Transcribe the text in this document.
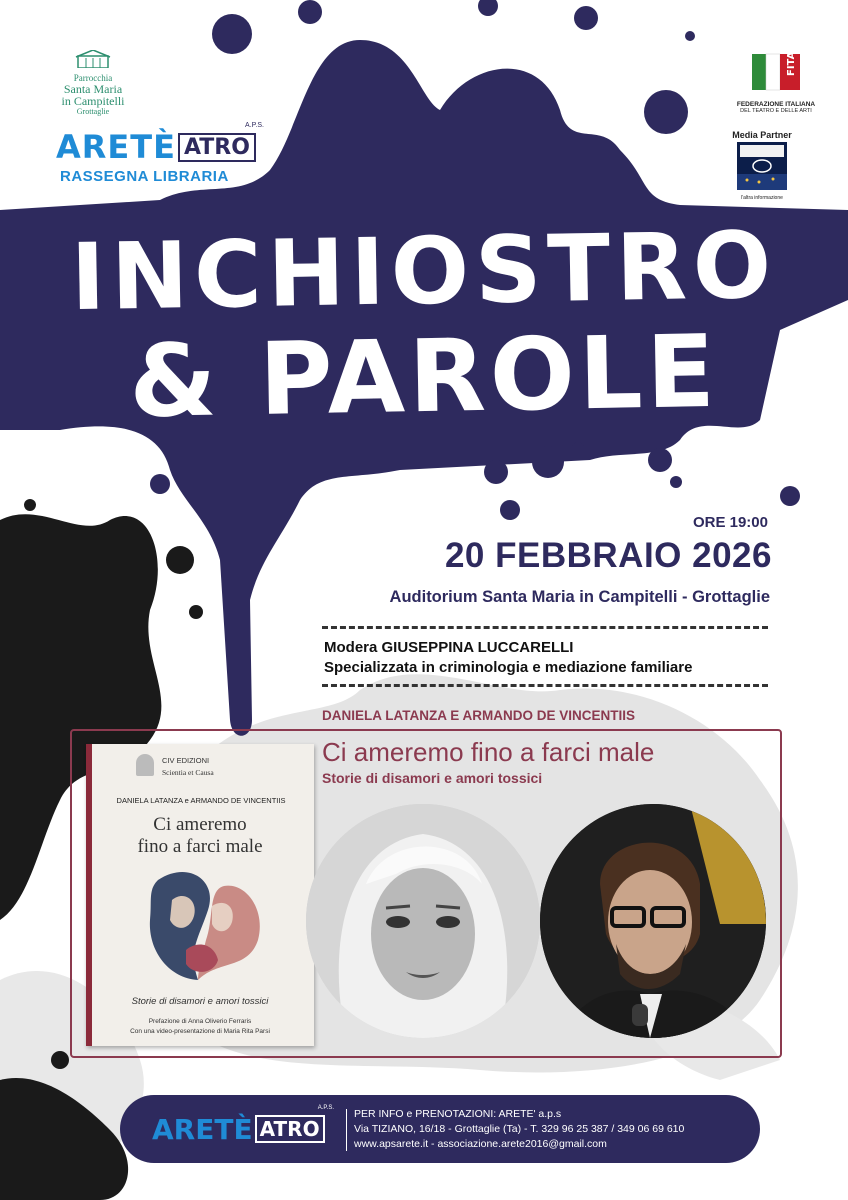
Parrocchia
Santa Maria
in Campitelli
Grottaglie
ARETÈ ATRO
A.P.S.
RASSEGNA LIBRARIA
FITA
FEDERAZIONE ITALIANA
DEL TEATRO E DELLE ARTI
Media Partner
l'altra informazione
INCHIOSTRO
& PAROLE
ORE 19:00
20 FEBBRAIO 2026
Auditorium Santa Maria in Campitelli - Grottaglie
Modera GIUSEPPINA LUCCARELLI
Specializzata in criminologia e mediazione familiare
DANIELA LATANZA E ARMANDO DE VINCENTIIS
Ci ameremo fino a farci male
Storie di disamori e amori tossici
CIV EDIZIONI
Scientia et Causa
DANIELA LATANZA e ARMANDO DE VINCENTIIS
Ci ameremo
fino a farci male
Storie di disamori e amori tossici
Prefazione di Anna Oliverio Ferraris
Con una video-presentazione di Maria Rita Parsi
ARETÈ ATRO
A.P.S. PER INFO e PRENOTAZIONI: ARETE' a.p.s
Via TIZIANO, 16/18 - Grottaglie (Ta) - T. 329 96 25 387 / 349 06 69 610
www.apsarete.it - associazione.arete2016@gmail.com
